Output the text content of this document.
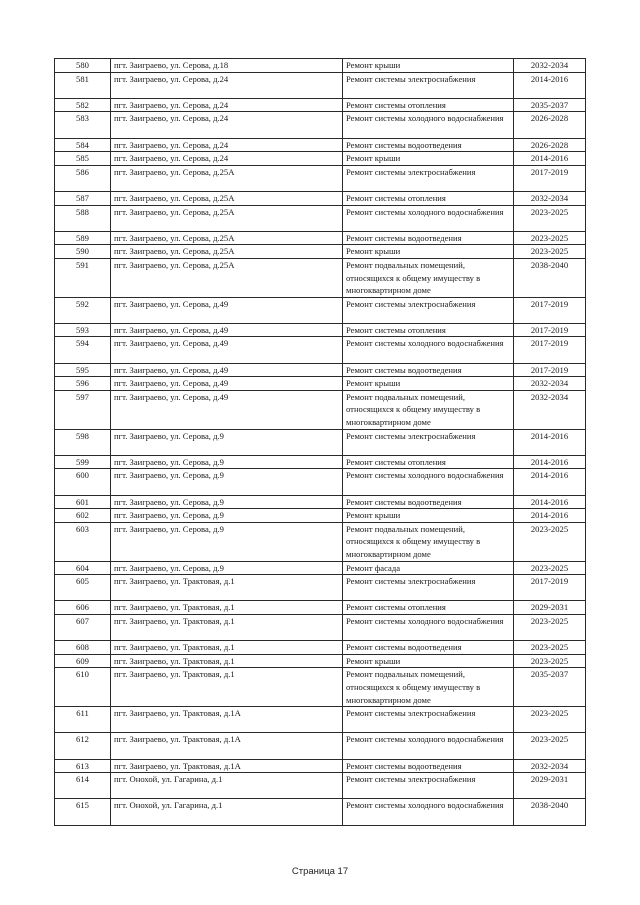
580	пгт. Заиграево, ул. Серова, д.18	Ремонт крыши	2032-2034
581	пгт. Заиграево, ул. Серова, д.24	Ремонт системы электроснабжения	2014-2016
582	пгт. Заиграево, ул. Серова, д.24	Ремонт системы отопления	2035-2037
583	пгт. Заиграево, ул. Серова, д.24	Ремонт системы холодного водоснабжения	2026-2028
584	пгт. Заиграево, ул. Серова, д.24	Ремонт системы водоотведения	2026-2028
585	пгт. Заиграево, ул. Серова, д.24	Ремонт крыши	2014-2016
586	пгт. Заиграево, ул. Серова, д.25А	Ремонт системы электроснабжения	2017-2019
587	пгт. Заиграево, ул. Серова, д.25А	Ремонт системы отопления	2032-2034
588	пгт. Заиграево, ул. Серова, д.25А	Ремонт системы холодного водоснабжения	2023-2025
589	пгт. Заиграево, ул. Серова, д.25А	Ремонт системы водоотведения	2023-2025
590	пгт. Заиграево, ул. Серова, д.25А	Ремонт крыши	2023-2025
591	пгт. Заиграево, ул. Серова, д.25А	Ремонт подвальных помещений, относящихся к общему имуществу в многоквартирном доме	2038-2040
592	пгт. Заиграево, ул. Серова, д.49	Ремонт системы электроснабжения	2017-2019
593	пгт. Заиграево, ул. Серова, д.49	Ремонт системы отопления	2017-2019
594	пгт. Заиграево, ул. Серова, д.49	Ремонт системы холодного водоснабжения	2017-2019
595	пгт. Заиграево, ул. Серова, д.49	Ремонт системы водоотведения	2017-2019
596	пгт. Заиграево, ул. Серова, д.49	Ремонт крыши	2032-2034
597	пгт. Заиграево, ул. Серова, д.49	Ремонт подвальных помещений, относящихся к общему имуществу в многоквартирном доме	2032-2034
598	пгт. Заиграево, ул. Серова, д.9	Ремонт системы электроснабжения	2014-2016
599	пгт. Заиграево, ул. Серова, д.9	Ремонт системы отопления	2014-2016
600	пгт. Заиграево, ул. Серова, д.9	Ремонт системы холодного водоснабжения	2014-2016
601	пгт. Заиграево, ул. Серова, д.9	Ремонт системы водоотведения	2014-2016
602	пгт. Заиграево, ул. Серова, д.9	Ремонт крыши	2014-2016
603	пгт. Заиграево, ул. Серова, д.9	Ремонт подвальных помещений, относящихся к общему имуществу в многоквартирном доме	2023-2025
604	пгт. Заиграево, ул. Серова, д.9	Ремонт фасада	2023-2025
605	пгт. Заиграево, ул. Трактовая, д.1	Ремонт системы электроснабжения	2017-2019
606	пгт. Заиграево, ул. Трактовая, д.1	Ремонт системы отопления	2029-2031
607	пгт. Заиграево, ул. Трактовая, д.1	Ремонт системы холодного водоснабжения	2023-2025
608	пгт. Заиграево, ул. Трактовая, д.1	Ремонт системы водоотведения	2023-2025
609	пгт. Заиграево, ул. Трактовая, д.1	Ремонт крыши	2023-2025
610	пгт. Заиграево, ул. Трактовая, д.1	Ремонт подвальных помещений, относящихся к общему имуществу в многоквартирном доме	2035-2037
611	пгт. Заиграево, ул. Трактовая, д.1А	Ремонт системы электроснабжения	2023-2025
612	пгт. Заиграево, ул. Трактовая, д.1А	Ремонт системы холодного водоснабжения	2023-2025
613	пгт. Заиграево, ул. Трактовая, д.1А	Ремонт системы водоотведения	2032-2034
614	пгт. Онохой, ул. Гагарина, д.1	Ремонт системы электроснабжения	2029-2031
615	пгт. Онохой, ул. Гагарина, д.1	Ремонт системы холодного водоснабжения	2038-2040
Страница 17
